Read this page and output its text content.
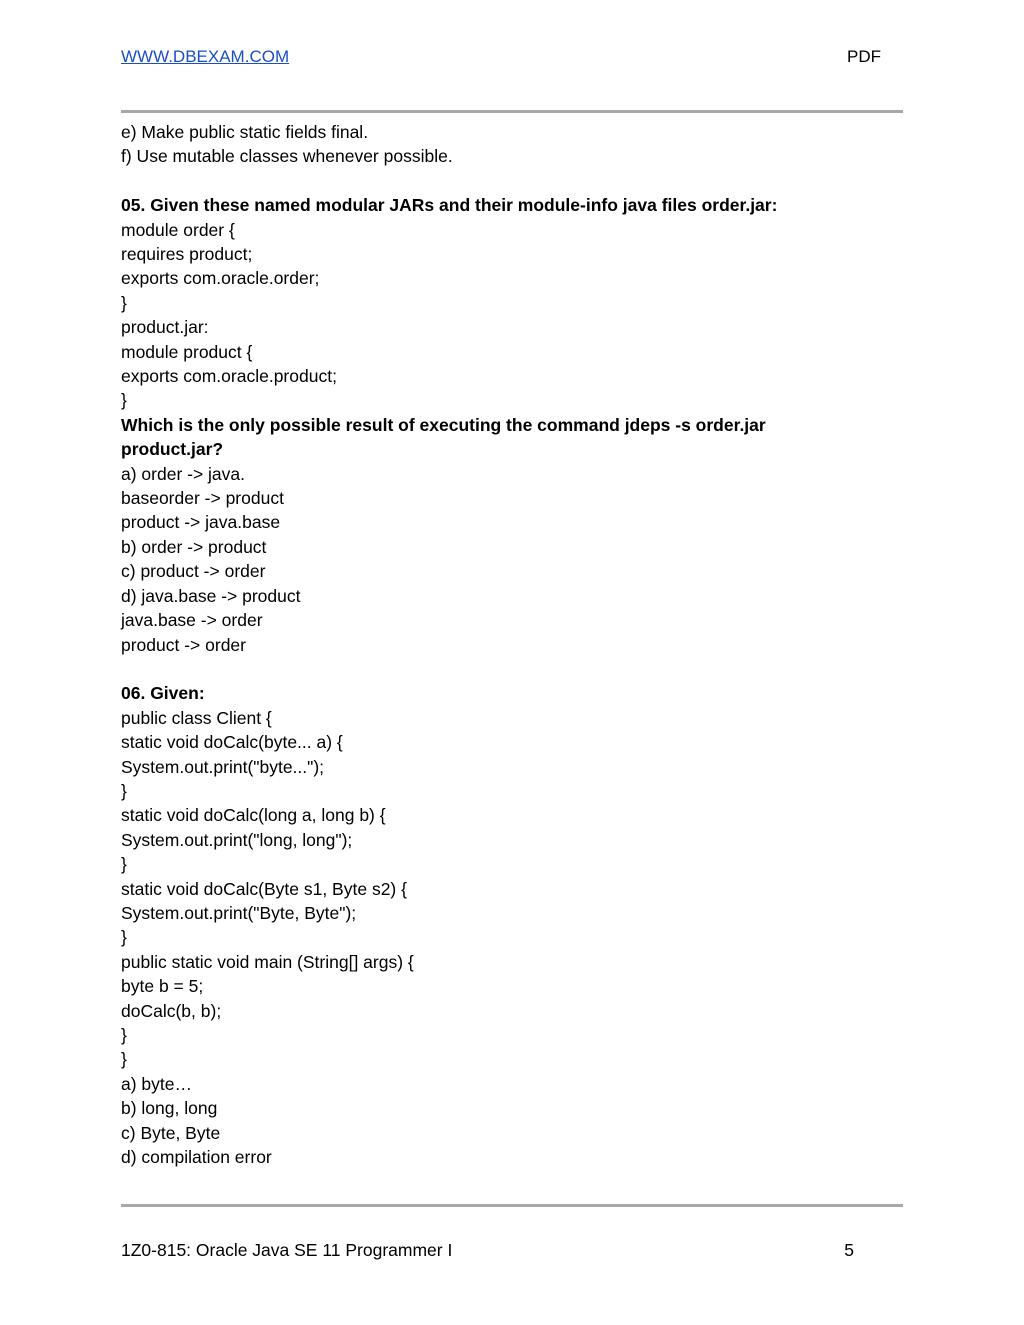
WWW.DBEXAM.COM	PDF
e) Make public static fields final.
f) Use mutable classes whenever possible.
05. Given these named modular JARs and their module-info java files order.jar:
module order {
requires product;
exports com.oracle.order;
}
product.jar:
module product {
exports com.oracle.product;
}
Which is the only possible result of executing the command jdeps -s order.jar product.jar?
a) order -> java.
baseorder -> product
product -> java.base
b) order -> product
c) product -> order
d) java.base -> product
java.base -> order
product -> order
06. Given:
public class Client {
static void doCalc(byte... a) {
System.out.print("byte...");
}
static void doCalc(long a, long b) {
System.out.print("long, long");
}
static void doCalc(Byte s1, Byte s2) {
System.out.print("Byte, Byte");
}
public static void main (String[] args) {
byte b = 5;
doCalc(b, b);
}
}
a) byte…
b) long, long
c) Byte, Byte
d) compilation error
1Z0-815: Oracle Java SE 11 Programmer I	5
